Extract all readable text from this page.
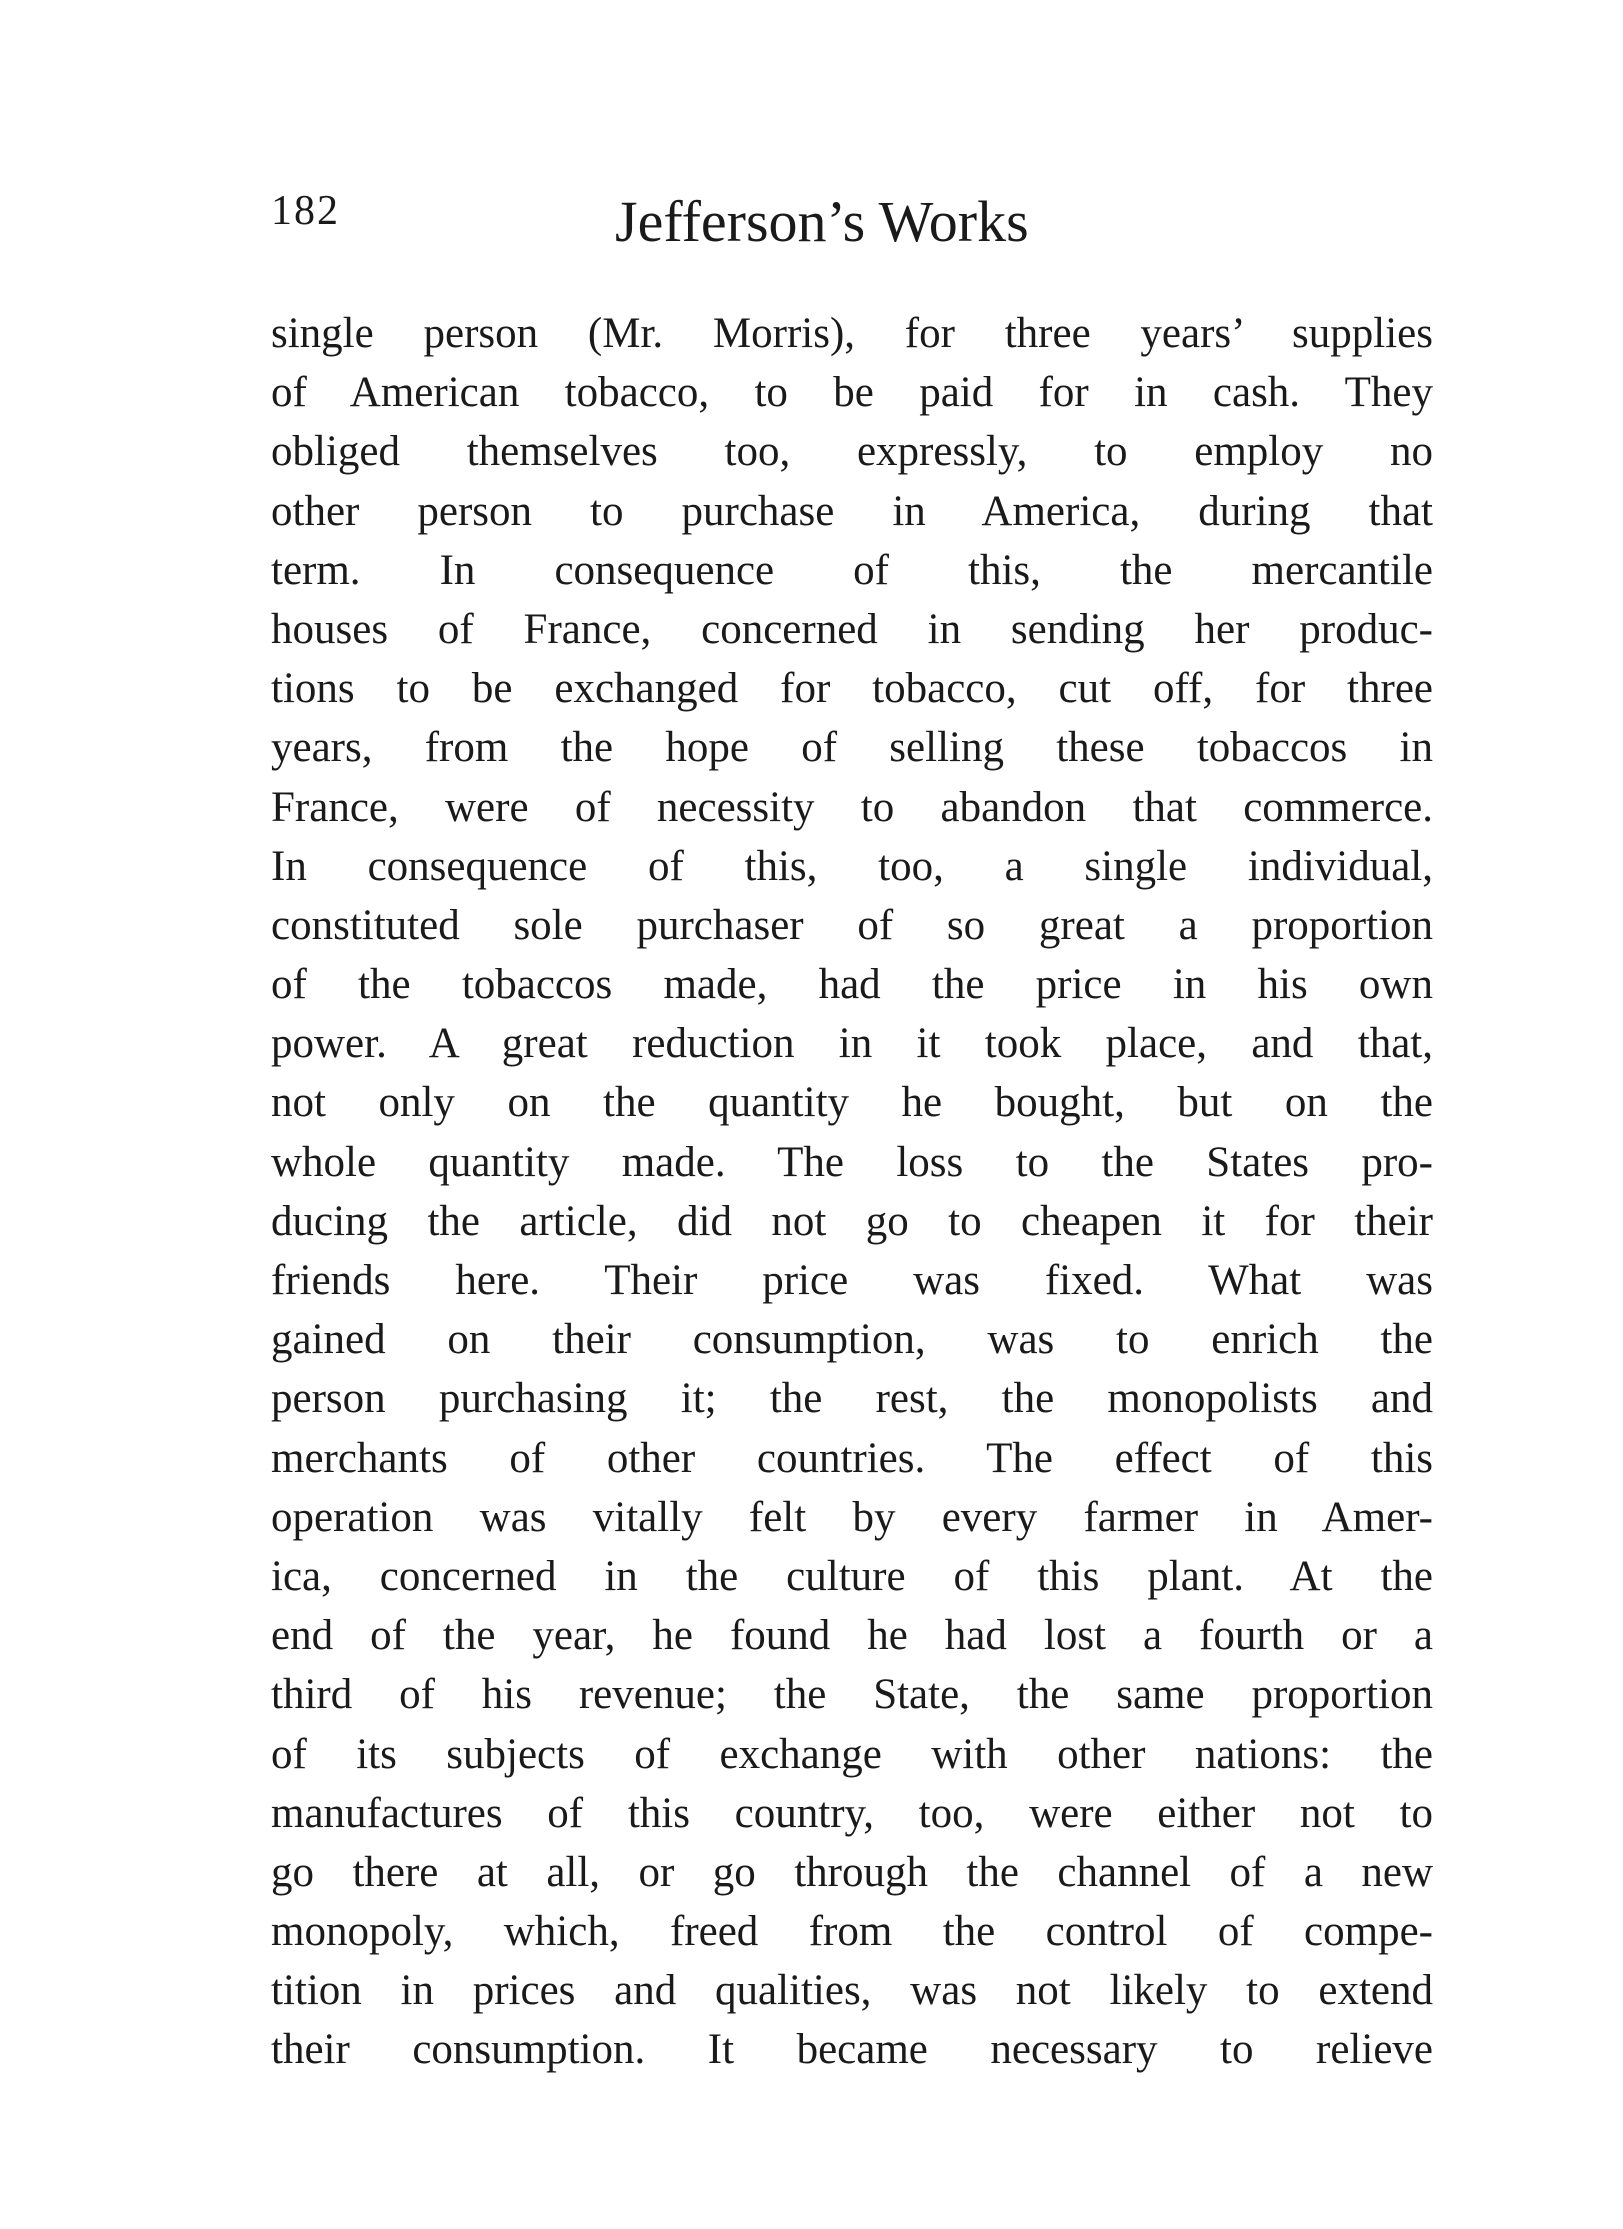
182	Jefferson’s Works
single person (Mr. Morris), for three years’ supplies
of American tobacco, to be paid for in cash. They
obliged themselves too, expressly, to employ no
other person to purchase in America, during that
term. In consequence of this, the mercantile
houses of France, concerned in sending her produc-
tions to be exchanged for tobacco, cut off, for three
years, from the hope of selling these tobaccos in
France, were of necessity to abandon that commerce.
In consequence of this, too, a single individual,
constituted sole purchaser of so great a proportion
of the tobaccos made, had the price in his own
power. A great reduction in it took place, and that,
not only on the quantity he bought, but on the
whole quantity made. The loss to the States pro-
ducing the article, did not go to cheapen it for their
friends here. Their price was fixed. What was
gained on their consumption, was to enrich the
person purchasing it; the rest, the monopolists and
merchants of other countries. The effect of this
operation was vitally felt by every farmer in Amer-
ica, concerned in the culture of this plant. At the
end of the year, he found he had lost a fourth or a
third of his revenue; the State, the same proportion
of its subjects of exchange with other nations: the
manufactures of this country, too, were either not to
go there at all, or go through the channel of a new
monopoly, which, freed from the control of compe-
tition in prices and qualities, was not likely to extend
their consumption. It became necessary to relieve
